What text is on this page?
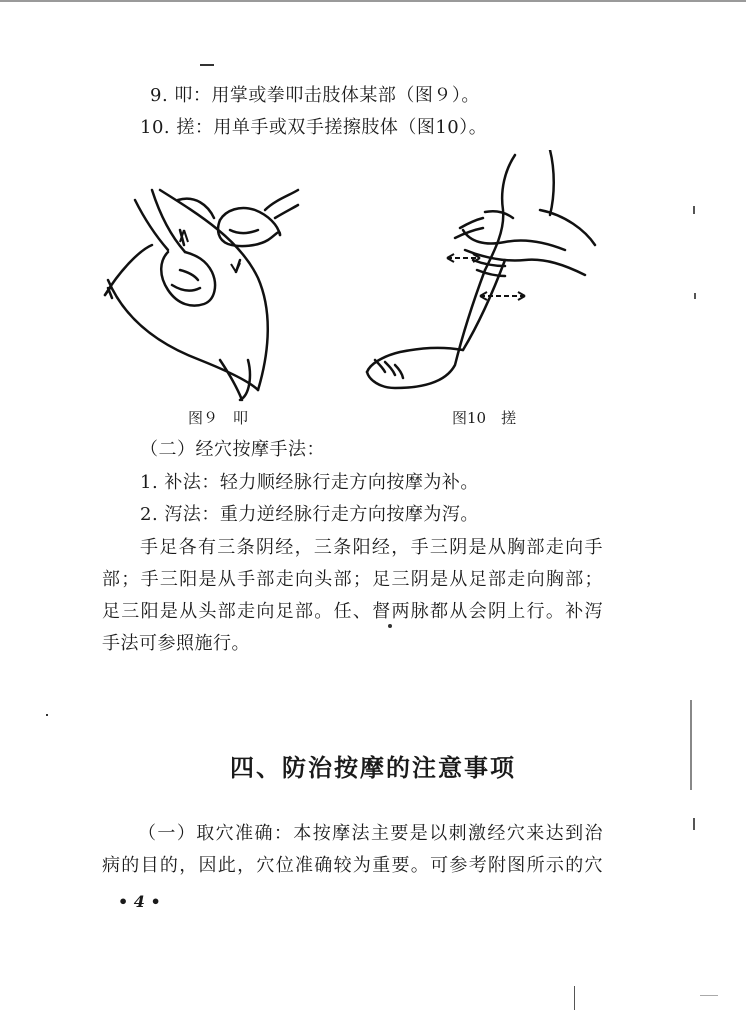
9. 叩：用掌或拳叩击肢体某部（图９）。
10. 搓：用单手或双手搓擦肢体（图10）。
图９　叩	图10　搓
（二）经穴按摩手法：
1. 补法：轻力顺经脉行走方向按摩为补。
2. 泻法：重力逆经脉行走方向按摩为泻。
手足各有三条阴经，三条阳经，手三阴是从胸部走向手
部；手三阳是从手部走向头部；足三阴是从足部走向胸部；
足三阳是从头部走向足部。任、督两脉都从会阴上行。补泻
手法可参照施行。
四、防治按摩的注意事项
（一）取穴准确：本按摩法主要是以刺激经穴来达到治
病的目的，因此，穴位准确较为重要。可参考附图所示的穴
• 4 •
